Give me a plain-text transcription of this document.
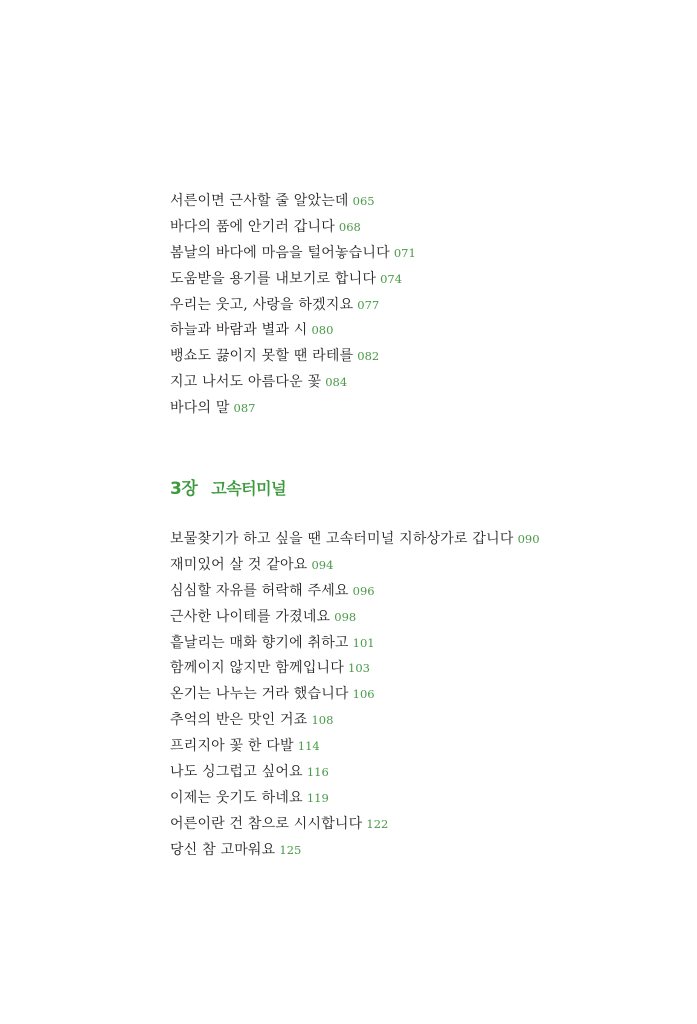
서른이면 근사할 줄 알았는데 065
바다의 품에 안기러 갑니다 068
봄날의 바다에 마음을 털어놓습니다 071
도움받을 용기를 내보기로 합니다 074
우리는 웃고, 사랑을 하겠지요 077
하늘과 바람과 별과 시 080
뱅쇼도 끓이지 못할 땐 라테를 082
지고 나서도 아름다운 꽃 084
바다의 말 087
3장 고속터미널
보물찾기가 하고 싶을 땐 고속터미널 지하상가로 갑니다 090
재미있어 살 것 같아요 094
심심할 자유를 허락해 주세요 096
근사한 나이테를 가졌네요 098
흩날리는 매화 향기에 취하고 101
함께이지 않지만 함께입니다 103
온기는 나누는 거라 했습니다 106
추억의 반은 맛인 거죠 108
프리지아 꽃 한 다발 114
나도 싱그럽고 싶어요 116
이제는 웃기도 하네요 119
어른이란 건 참으로 시시합니다 122
당신 참 고마워요 125
